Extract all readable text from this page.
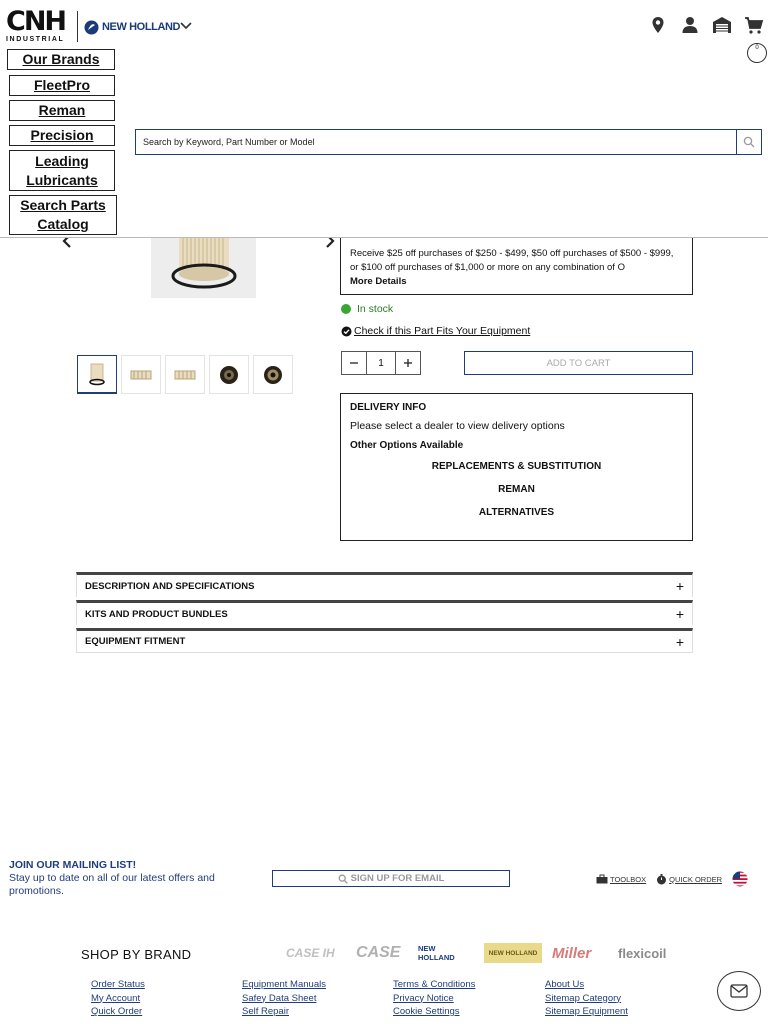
CNH
INDUSTRIAL
NEW HOLLAND
0
Our Brands
FleetPro
Reman
Precision
Leading Lubricants
Search Parts Catalog
Search by Keyword, Part Number or Model
Receive $25 off purchases of $250 - $499, $50 off purchases of $500 - $999, or $100 off purchases of $1,000 or more on any combination of O
More Details
In stock
Check if this Part Fits Your Equipment
1	ADD TO CART
DELIVERY INFO
Please select a dealer to view delivery options
Other Options Available
REPLACEMENTS & SUBSTITUTION
REMAN
ALTERNATIVES
DESCRIPTION AND SPECIFICATIONS	+
KITS AND PRODUCT BUNDLES	+
EQUIPMENT FITMENT	+
JOIN OUR MAILING LIST!
Stay up to date on all of our latest offers and promotions.
SIGN UP FOR EMAIL	TOOLBOX	QUICK ORDER
SHOP BY BRAND	CASE IH	CASE	NEW HOLLAND	NEW HOLLAND Miller	flexicoil
Order Status
My Account
Quick Order
Equipment Manuals
Safey Data Sheet
Self Repair
Terms & Conditions
Privacy Notice
Cookie Settings
About Us
Sitemap Category
Sitemap Equipment
